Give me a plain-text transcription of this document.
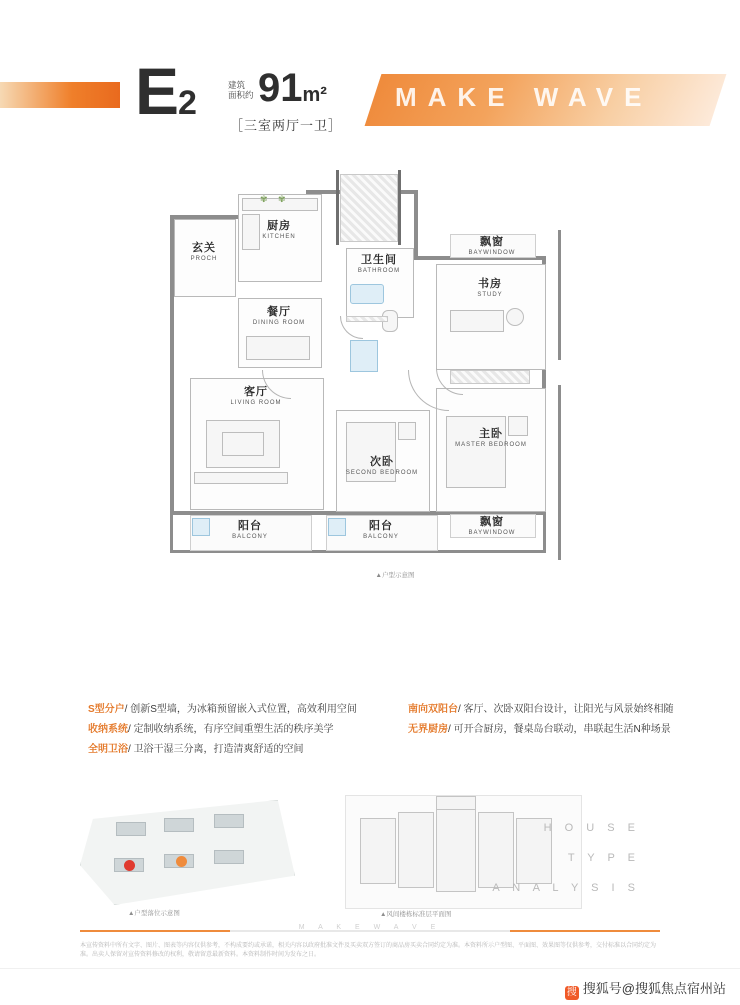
E2	建筑
面积约 91m²
［三室两厅一卫］
MAKE WAVE
玄关
PROCH
✾ ✾
厨房
KITCHEN
卫生间
BATHROOM
餐厅
DINING ROOM
客厅
LIVING ROOM
次卧
SECOND BEDROOM
主卧
MASTER BEDROOM
书房
STUDY
飘窗
BAYWINDOW
飘窗
BAYWINDOW
阳台
BALCONY
阳台
BALCONY
▲户型示意图
S型分户/ 创新S型墙，为冰箱预留嵌入式位置，高效利用空间
收纳系统/ 定制收纳系统，有序空间重塑生活的秩序美学
全明卫浴/ 卫浴干湿三分离，打造清爽舒适的空间
南向双阳台/ 客厅、次卧双阳台设计，让阳光与风景始终相随
无界厨房/ 可开合厨房，餐桌岛台联动，串联起生活N种场景
▲户型落位示意图	▲风间楼栋标准层平面图
H O U S E
T Y P E
A N A L Y S I S
M A K E W A V E
本宣传资料中所有文字、图片、图表等内容仅供参考，不构成要约或承诺，相关内容以政府批准文件及买卖双方签订的商品房买卖合同约定为准。本资料所示户型图、平面图、效果图等仅供参考，交付标准以合同约定为准。出卖人保留对宣传资料修改的权利，敬请留意最新资料。本资料制作时间为发布之日。
搜 搜狐号@搜狐焦点宿州站
